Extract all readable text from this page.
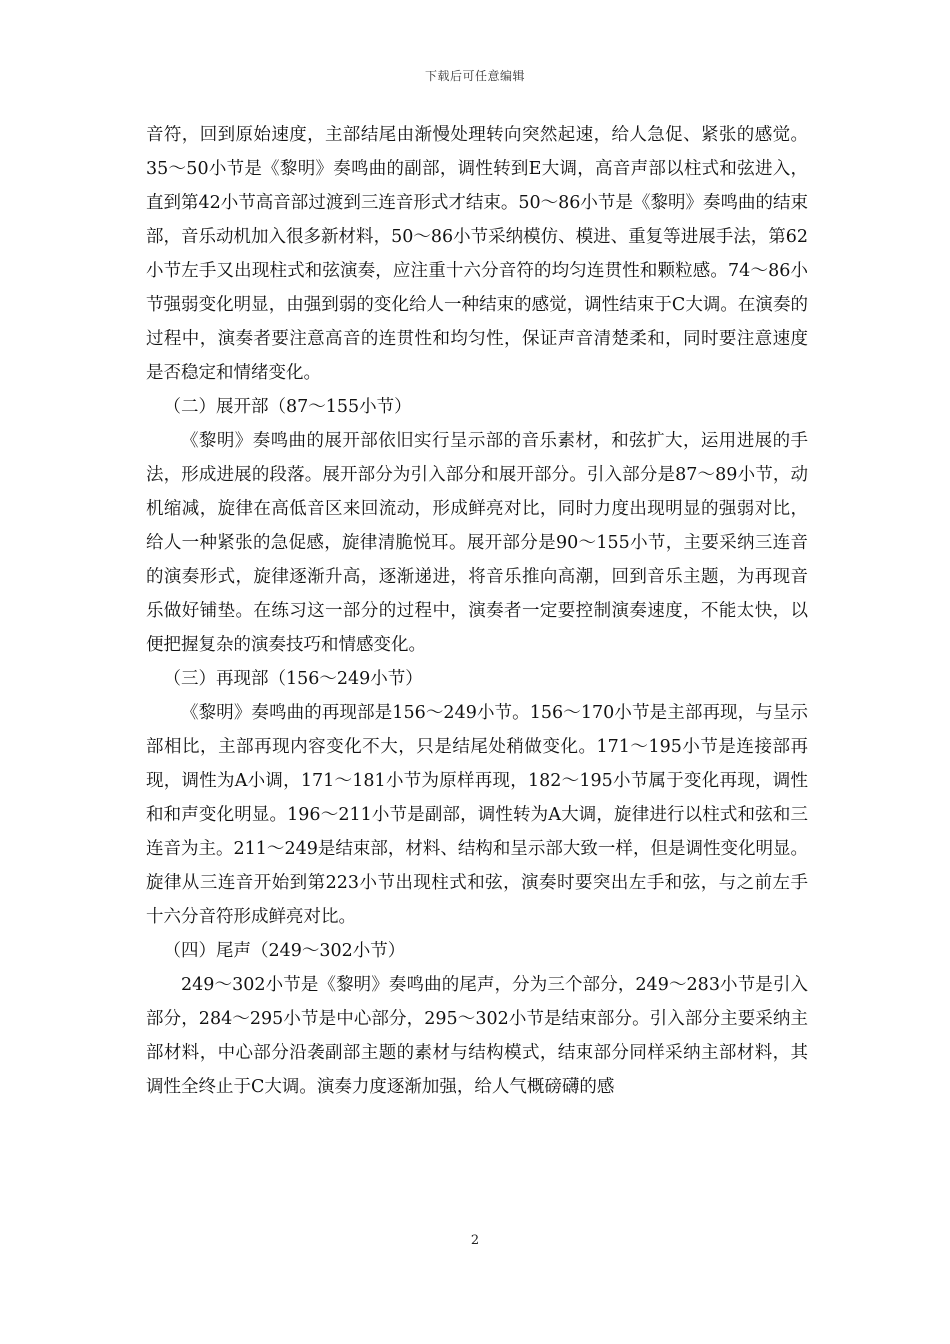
下载后可任意编辑

音符，回到原始速度，主部结尾由渐慢处理转向突然起速，给人急促、紧张的感觉。35～50小节是《黎明》奏鸣曲的副部，调性转到E大调，高音声部以柱式和弦进入，直到第42小节高音部过渡到三连音形式才结束。50～86小节是《黎明》奏鸣曲的结束部，音乐动机加入很多新材料，50～86小节采纳模仿、模进、重复等进展手法，第62小节左手又出现柱式和弦演奏，应注重十六分音符的均匀连贯性和颗粒感。74～86小节强弱变化明显，由强到弱的变化给人一种结束的感觉，调性结束于C大调。在演奏的过程中，演奏者要注意高音的连贯性和均匀性，保证声音清楚柔和，同时要注意速度是否稳定和情绪变化。

（二）展开部（87～155小节）

《黎明》奏鸣曲的展开部依旧实行呈示部的音乐素材，和弦扩大，运用进展的手法，形成进展的段落。展开部分为引入部分和展开部分。引入部分是87～89小节，动机缩减，旋律在高低音区来回流动，形成鲜亮对比，同时力度出现明显的强弱对比，给人一种紧张的急促感，旋律清脆悦耳。展开部分是90～155小节，主要采纳三连音的演奏形式，旋律逐渐升高，逐渐递进，将音乐推向高潮，回到音乐主题，为再现音乐做好铺垫。在练习这一部分的过程中，演奏者一定要控制演奏速度，不能太快，以便把握复杂的演奏技巧和情感变化。

（三）再现部（156～249小节）

《黎明》奏鸣曲的再现部是156～249小节。156～170小节是主部再现，与呈示部相比，主部再现内容变化不大，只是结尾处稍做变化。171～195小节是连接部再现，调性为A小调，171～181小节为原样再现，182～195小节属于变化再现，调性和和声变化明显。196～211小节是副部，调性转为A大调，旋律进行以柱式和弦和三连音为主。211～249是结束部，材料、结构和呈示部大致一样，但是调性变化明显。旋律从三连音开始到第223小节出现柱式和弦，演奏时要突出左手和弦，与之前左手十六分音符形成鲜亮对比。

（四）尾声（249～302小节）

249～302小节是《黎明》奏鸣曲的尾声，分为三个部分，249～283小节是引入部分，284～295小节是中心部分，295～302小节是结束部分。引入部分主要采纳主部材料，中心部分沿袭副部主题的素材与结构模式，结束部分同样采纳主部材料，其调性全终止于C大调。演奏力度逐渐加强，给人气概磅礴的感

2
